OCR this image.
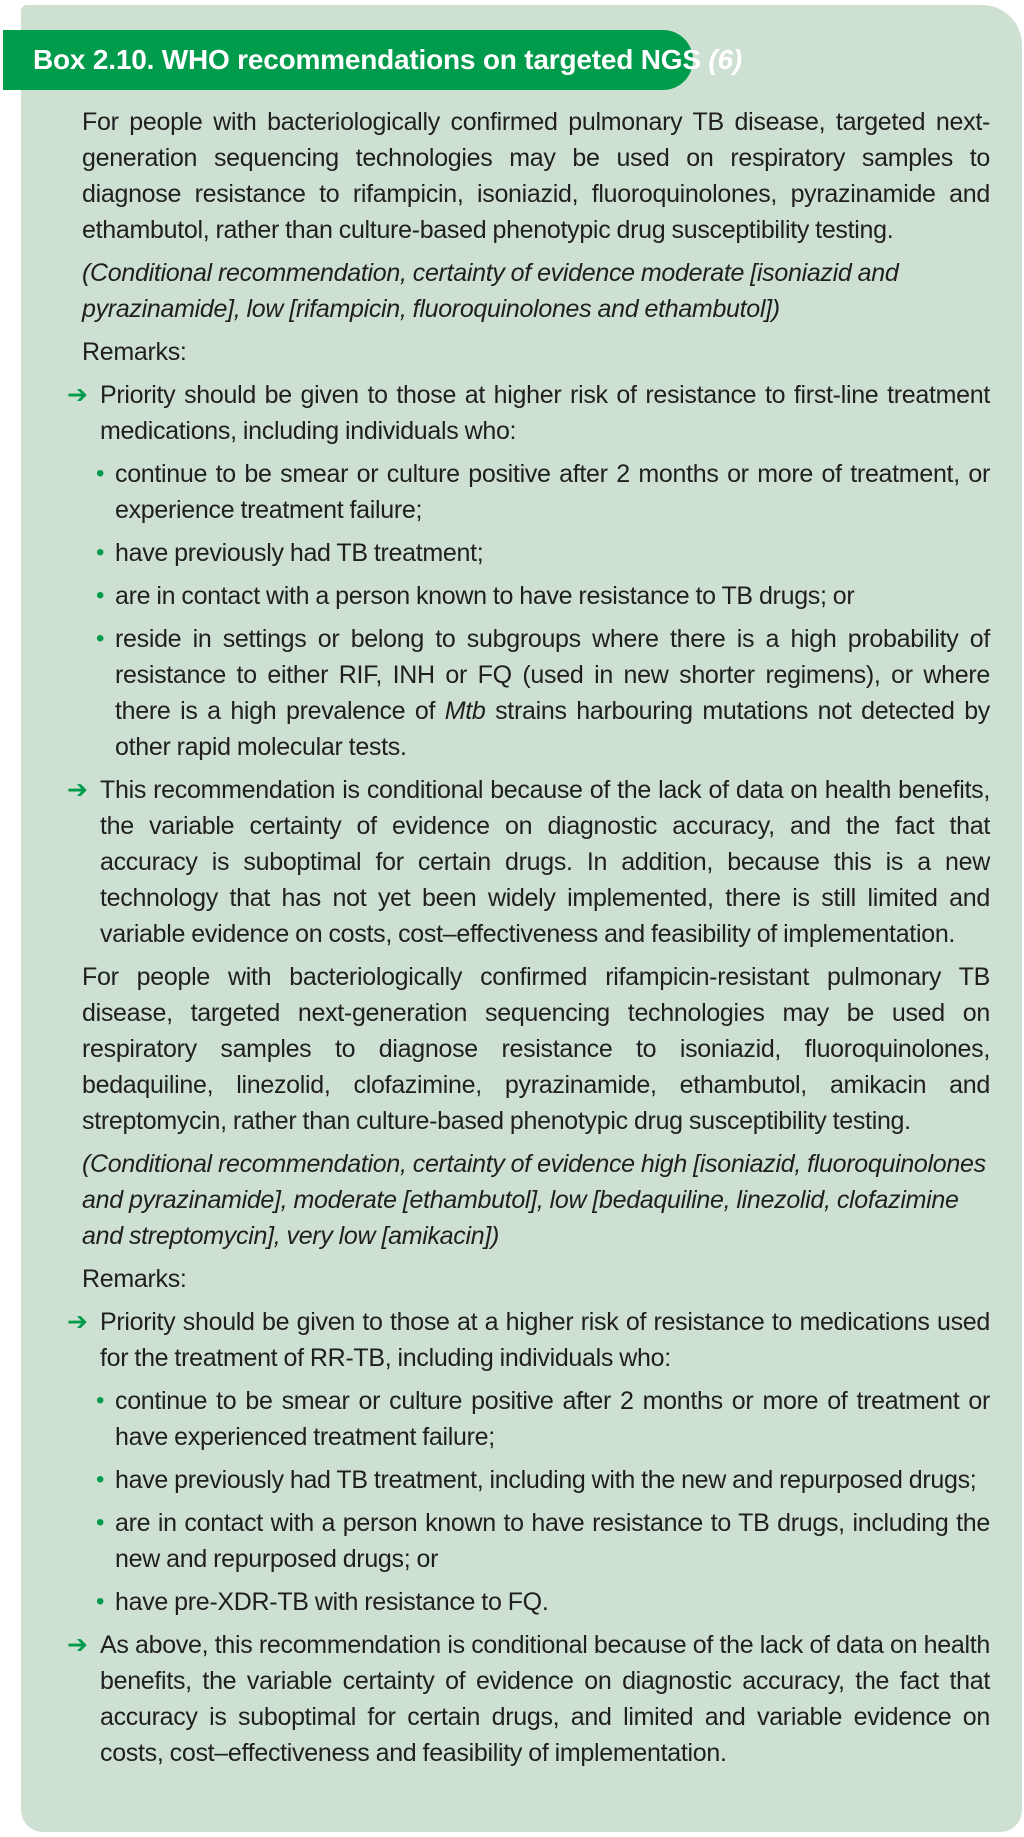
Box 2.10. WHO recommendations on targeted NGS (6)

For people with bacteriologically confirmed pulmonary TB disease, targeted next-generation sequencing technologies may be used on respiratory samples to diagnose resistance to rifampicin, isoniazid, fluoroquinolones, pyrazinamide and ethambutol, rather than culture-based phenotypic drug susceptibility testing.

(Conditional recommendation, certainty of evidence moderate [isoniazid and pyrazinamide], low [rifampicin, fluoroquinolones and ethambutol])

Remarks:

➔ Priority should be given to those at higher risk of resistance to first-line treatment medications, including individuals who:
• continue to be smear or culture positive after 2 months or more of treatment, or experience treatment failure;
• have previously had TB treatment;
• are in contact with a person known to have resistance to TB drugs; or
• reside in settings or belong to subgroups where there is a high probability of resistance to either RIF, INH or FQ (used in new shorter regimens), or where there is a high prevalence of Mtb strains harbouring mutations not detected by other rapid molecular tests.
➔ This recommendation is conditional because of the lack of data on health benefits, the variable certainty of evidence on diagnostic accuracy, and the fact that accuracy is suboptimal for certain drugs. In addition, because this is a new technology that has not yet been widely implemented, there is still limited and variable evidence on costs, cost–effectiveness and feasibility of implementation.

For people with bacteriologically confirmed rifampicin-resistant pulmonary TB disease, targeted next-generation sequencing technologies may be used on respiratory samples to diagnose resistance to isoniazid, fluoroquinolones, bedaquiline, linezolid, clofazimine, pyrazinamide, ethambutol, amikacin and streptomycin, rather than culture-based phenotypic drug susceptibility testing.

(Conditional recommendation, certainty of evidence high [isoniazid, fluoroquinolones and pyrazinamide], moderate [ethambutol], low [bedaquiline, linezolid, clofazimine and streptomycin], very low [amikacin])

Remarks:

➔ Priority should be given to those at a higher risk of resistance to medications used for the treatment of RR-TB, including individuals who:
• continue to be smear or culture positive after 2 months or more of treatment or have experienced treatment failure;
• have previously had TB treatment, including with the new and repurposed drugs;
• are in contact with a person known to have resistance to TB drugs, including the new and repurposed drugs; or
• have pre-XDR-TB with resistance to FQ.
➔ As above, this recommendation is conditional because of the lack of data on health benefits, the variable certainty of evidence on diagnostic accuracy, the fact that accuracy is suboptimal for certain drugs, and limited and variable evidence on costs, cost–effectiveness and feasibility of implementation.
